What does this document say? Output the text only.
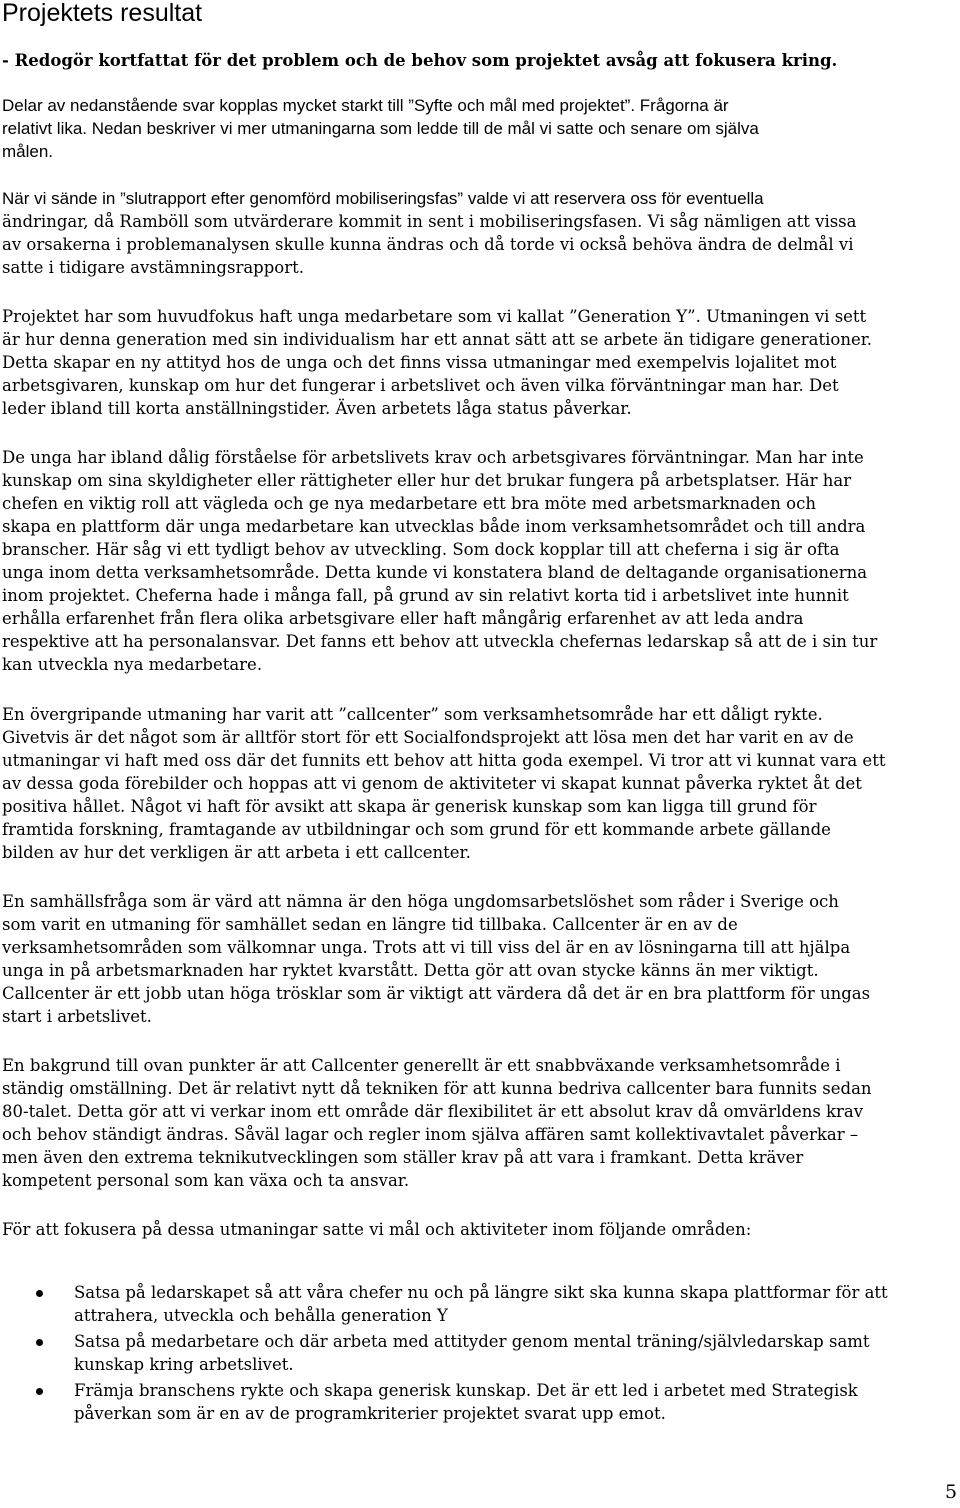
Projektets resultat

- Redogör kortfattat för det problem och de behov som projektet avsåg att fokusera kring.

Delar av nedanstående svar kopplas mycket starkt till ”Syfte och mål med projektet”. Frågorna är
relativt lika. Nedan beskriver vi mer utmaningarna som ledde till de mål vi satte och senare om själva
målen.
När vi sände in ”slutrapport efter genomförd mobiliseringsfas” valde vi att reservera oss för eventuella
ändringar, då Ramböll som utvärderare kommit in sent i mobiliseringsfasen. Vi såg nämligen att vissa
av orsakerna i problemanalysen skulle kunna ändras och då torde vi också behöva ändra de delmål vi
satte i tidigare avstämningsrapport.
Projektet har som huvudfokus haft unga medarbetare som vi kallat ”Generation Y”. Utmaningen vi sett
är hur denna generation med sin individualism har ett annat sätt att se arbete än tidigare generationer.
Detta skapar en ny attityd hos de unga och det finns vissa utmaningar med exempelvis lojalitet mot
arbetsgivaren, kunskap om hur det fungerar i arbetslivet och även vilka förväntningar man har. Det
leder ibland till korta anställningstider. Även arbetets låga status påverkar.
De unga har ibland dålig förståelse för arbetslivets krav och arbetsgivares förväntningar. Man har inte
kunskap om sina skyldigheter eller rättigheter eller hur det brukar fungera på arbetsplatser. Här har
chefen en viktig roll att vägleda och ge nya medarbetare ett bra möte med arbetsmarknaden och
skapa en plattform där unga medarbetare kan utvecklas både inom verksamhetsområdet och till andra
branscher. Här såg vi ett tydligt behov av utveckling. Som dock kopplar till att cheferna i sig är ofta
unga inom detta verksamhetsområde. Detta kunde vi konstatera bland de deltagande organisationerna
inom projektet. Cheferna hade i många fall, på grund av sin relativt korta tid i arbetslivet inte hunnit
erhålla erfarenhet från flera olika arbetsgivare eller haft mångårig erfarenhet av att leda andra
respektive att ha personalansvar. Det fanns ett behov att utveckla chefernas ledarskap så att de i sin tur
kan utveckla nya medarbetare.
En övergripande utmaning har varit att ”callcenter” som verksamhetsområde har ett dåligt rykte.
Givetvis är det något som är alltför stort för ett Socialfondsprojekt att lösa men det har varit en av de
utmaningar vi haft med oss där det funnits ett behov att hitta goda exempel. Vi tror att vi kunnat vara ett
av dessa goda förebilder och hoppas att vi genom de aktiviteter vi skapat kunnat påverka ryktet åt det
positiva hållet. Något vi haft för avsikt att skapa är generisk kunskap som kan ligga till grund för
framtida forskning, framtagande av utbildningar och som grund för ett kommande arbete gällande
bilden av hur det verkligen är att arbeta i ett callcenter.
En samhällsfråga som är värd att nämna är den höga ungdomsarbetslöshet som råder i Sverige och
som varit en utmaning för samhället sedan en längre tid tillbaka. Callcenter är en av de
verksamhetsområden som välkomnar unga. Trots att vi till viss del är en av lösningarna till att hjälpa
unga in på arbetsmarknaden har ryktet kvarstått. Detta gör att ovan stycke känns än mer viktigt.
Callcenter är ett jobb utan höga trösklar som är viktigt att värdera då det är en bra plattform för ungas
start i arbetslivet.
En bakgrund till ovan punkter är att Callcenter generellt är ett snabbväxande verksamhetsområde i
ständig omställning. Det är relativt nytt då tekniken för att kunna bedriva callcenter bara funnits sedan
80-talet. Detta gör att vi verkar inom ett område där flexibilitet är ett absolut krav då omvärldens krav
och behov ständigt ändras. Såväl lagar och regler inom själva affären samt kollektivavtalet påverkar –
men även den extrema teknikutvecklingen som ställer krav på att vara i framkant. Detta kräver
kompetent personal som kan växa och ta ansvar.
För att fokusera på dessa utmaningar satte vi mål och aktiviteter inom följande områden:
Satsa på ledarskapet så att våra chefer nu och på längre sikt ska kunna skapa plattformar för att
attrahera, utveckla och behålla generation Y
Satsa på medarbetare och där arbeta med attityder genom mental träning/självledarskap samt
kunskap kring arbetslivet.
Främja branschens rykte och skapa generisk kunskap. Det är ett led i arbetet med Strategisk
påverkan som är en av de programkriterier projektet svarat upp emot.
5
